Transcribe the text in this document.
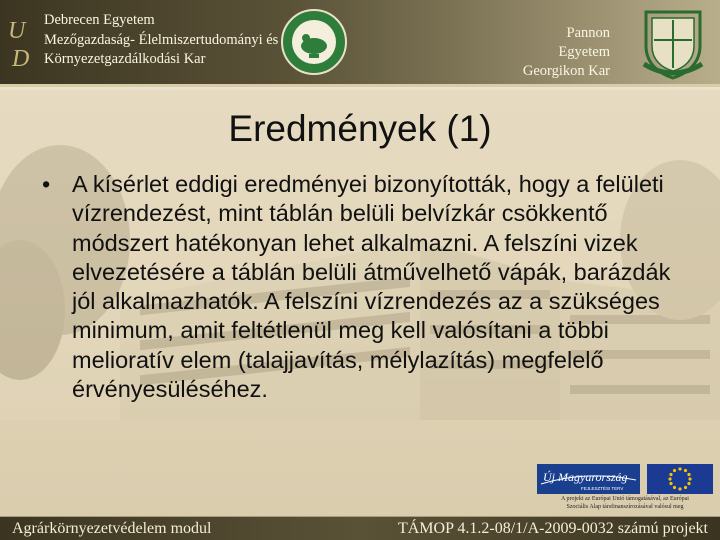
U
D
Debrecen Egyetem
Mezőgazdaság- Élelmiszertudományi és
Környezetgazdálkodási Kar
Pannon Egyetem
Georgikon Kar
Eredmények (1)
• A kísérlet eddigi eredményei bizonyították, hogy a felületi vízrendezést, mint táblán belüli belvízkár csökkentő módszert hatékonyan lehet alkalmazni. A felszíni vizek elvezetésére a táblán belüli átművelhető vápák, barázdák jól alkalmazhatók. A felszíni vízrendezés az a szükséges minimum, amit feltétlenül meg kell valósítani a többi melioratív elem (talajjavítás, mélylazítás) megfelelő érvényesüléséhez.
Új Magyarország
FEJLESZTÉSI TERV
A projekt az Európai Unió támogatásával, az Európai
Szociális Alap társfinanszírozásával valósul meg
Agrárkörnyezetvédelem modul	TÁMOP 4.1.2-08/1/A-2009-0032 számú projekt
